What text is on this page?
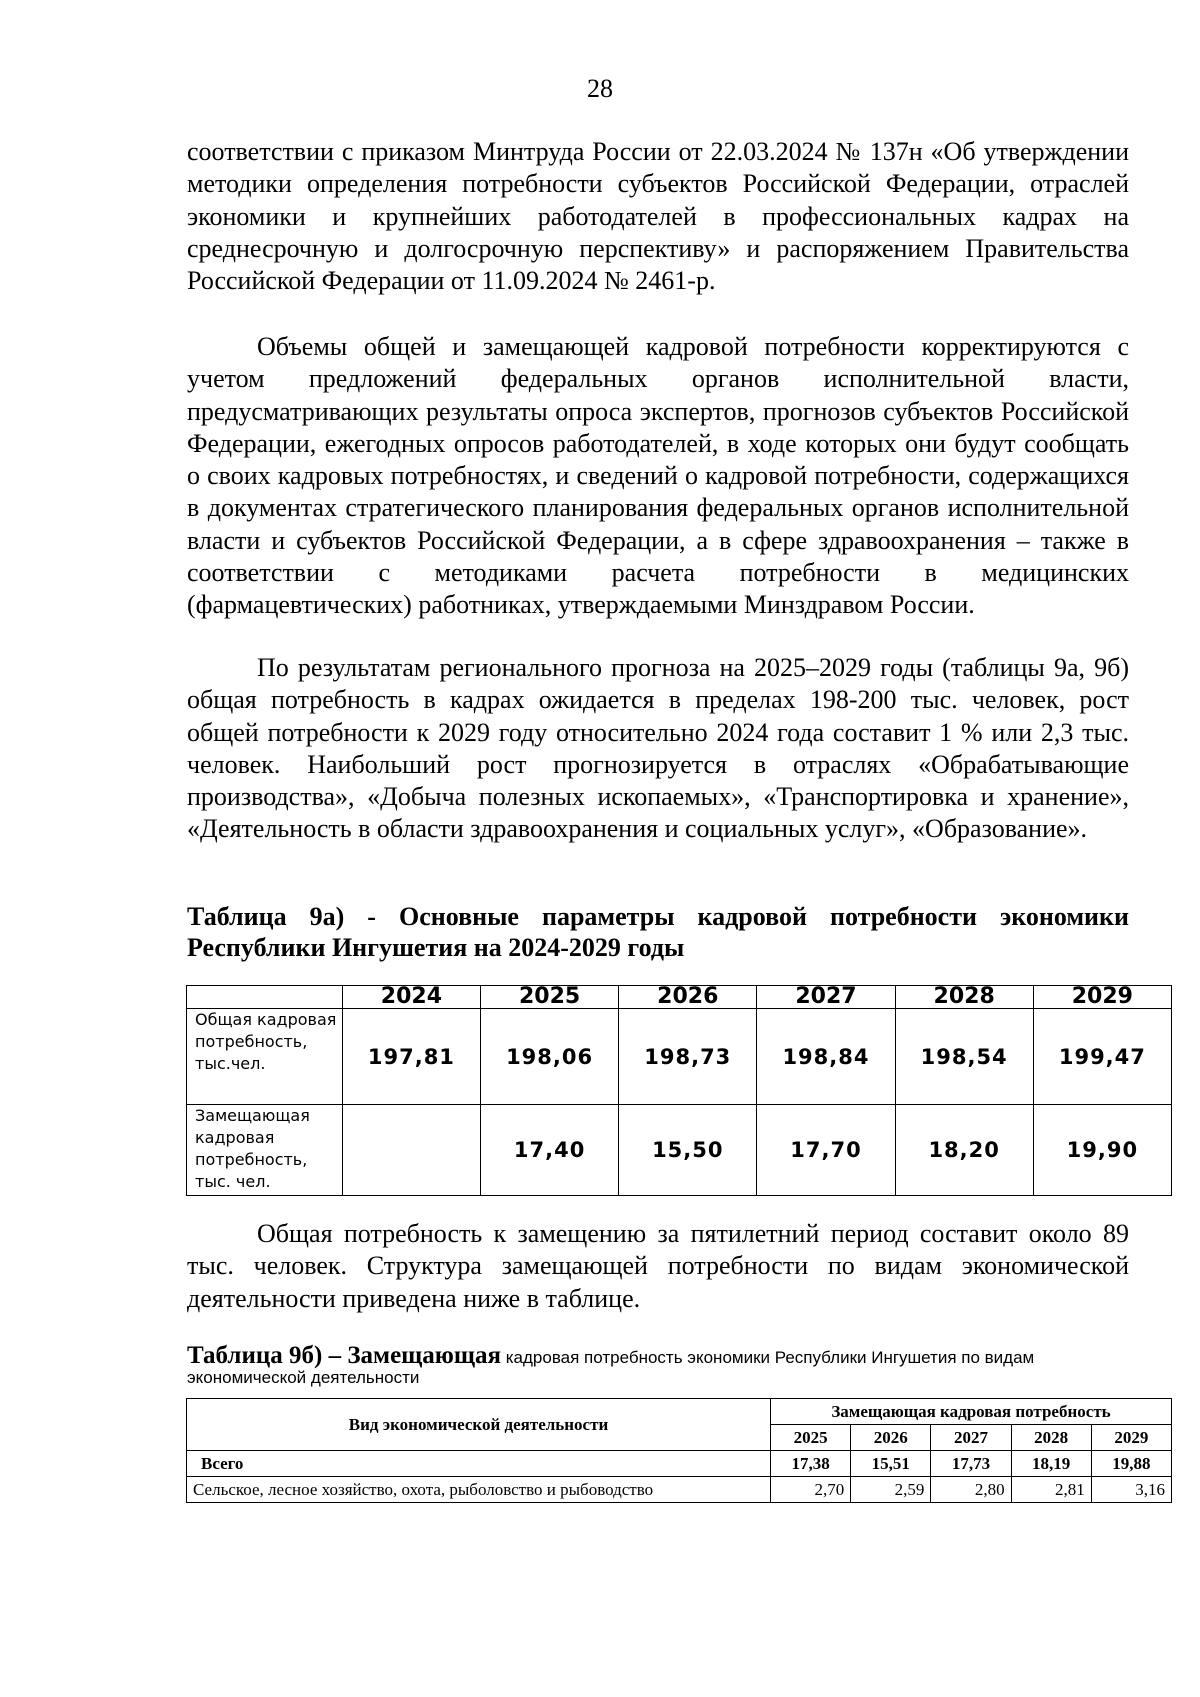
28
соответствии с приказом Минтруда России от 22.03.2024 № 137н «Об утверждении методики определения потребности субъектов Российской Федерации, отраслей экономики и крупнейших работодателей в профессиональных кадрах на среднесрочную и долгосрочную перспективу» и распоряжением Правительства Российской Федерации от 11.09.2024 № 2461-р.
Объемы общей и замещающей кадровой потребности корректируются с учетом предложений федеральных органов исполнительной власти, предусматривающих результаты опроса экспертов, прогнозов субъектов Российской Федерации, ежегодных опросов работодателей, в ходе которых они будут сообщать о своих кадровых потребностях, и сведений о кадровой потребности, содержащихся в документах стратегического планирования федеральных органов исполнительной власти и субъектов Российской Федерации, а в сфере здравоохранения – также в соответствии с методиками расчета потребности в медицинских (фармацевтических) работниках, утверждаемыми Минздравом России.
По результатам регионального прогноза на 2025–2029 годы (таблицы 9а, 9б) общая потребность в кадрах ожидается в пределах 198-200 тыс. человек, рост общей потребности к 2029 году относительно 2024 года составит 1 % или 2,3 тыс. человек. Наибольший рост прогнозируется в отраслях «Обрабатывающие производства», «Добыча полезных ископаемых», «Транспортировка и хранение», «Деятельность в области здравоохранения и социальных услуг», «Образование».
Таблица 9а) - Основные параметры кадровой потребности экономики Республики Ингушетия на 2024-2029 годы
	2024	2025	2026	2027	2028	2029
Общая кадровая потребность, тыс.чел.	197,81	198,06	198,73	198,84	198,54	199,47
Замещающая кадровая потребность, тыс. чел.		17,40	15,50	17,70	18,20	19,90
Общая потребность к замещению за пятилетний период составит около 89 тыс. человек. Структура замещающей потребности по видам экономической деятельности приведена ниже в таблице.
Таблица 9б) – Замещающая кадровая потребность экономики Республики Ингушетия по видам экономической деятельности
Вид экономической деятельности	Замещающая кадровая потребность				
	2025	2026	2027	2028	2029
Всего	17,38	15,51	17,73	18,19	19,88
Сельское, лесное хозяйство, охота, рыболовство и рыбоводство	2,70	2,59	2,80	2,81	3,16
